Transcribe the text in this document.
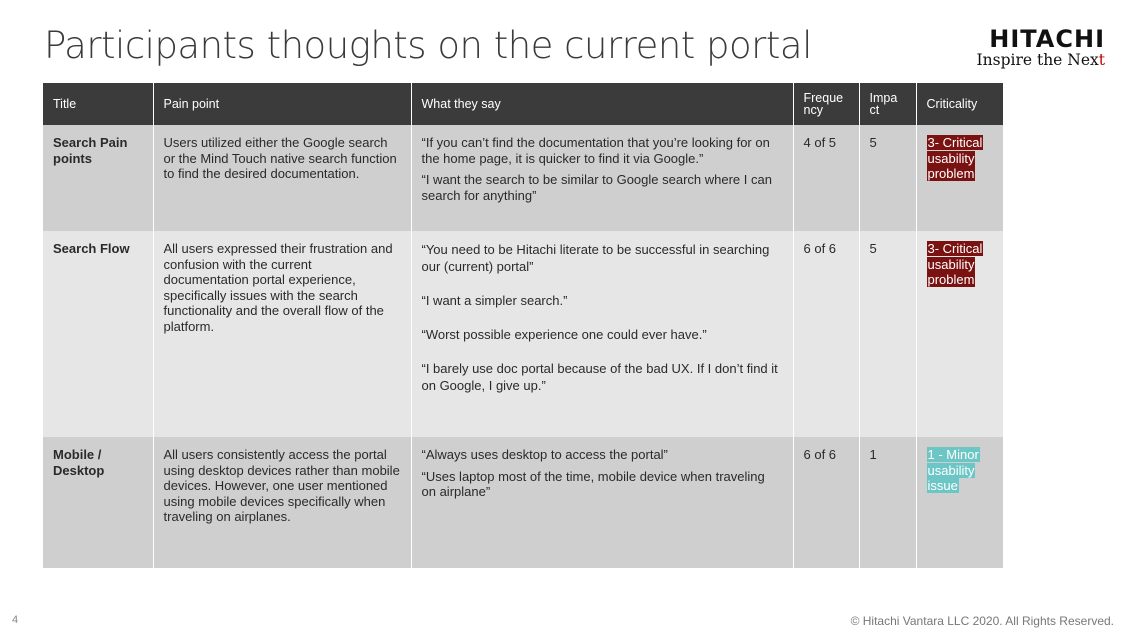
Participants thoughts on the current portal	HITACHI
Inspire the Next
Title	Pain point	What they say	Freque ncy	Impa ct	Criticality
Search Pain points	Users utilized either the Google search or the Mind Touch native search function to find the desired documentation.	“If you can’t find the documentation that you’re looking for on the home page, it is quicker to find it via Google.”

“I want the search to be similar to Google search where I can search for anything”	4 of 5	5	3- Critical usability problem
Search Flow	All users expressed their frustration and confusion with the current documentation portal experience, specifically issues with the search functionality and the overall flow of the platform.	“You need to be Hitachi literate to be successful in searching our (current) portal”

“I want a simpler search.”

“Worst possible experience one could ever have.”

“I barely use doc portal because of the bad UX. If I don’t find it on Google, I give up.”	6 of 6	5	3- Critical usability problem
Mobile / Desktop	All users consistently access the portal using desktop devices rather than mobile devices. However, one user mentioned using mobile devices specifically when traveling on airplanes.	“Always uses desktop to access the portal”

“Uses laptop most of the time, mobile device when traveling on airplane”	6 of 6	1	1 - Minor usability issue
4	© Hitachi Vantara LLC 2020. All Rights Reserved.
